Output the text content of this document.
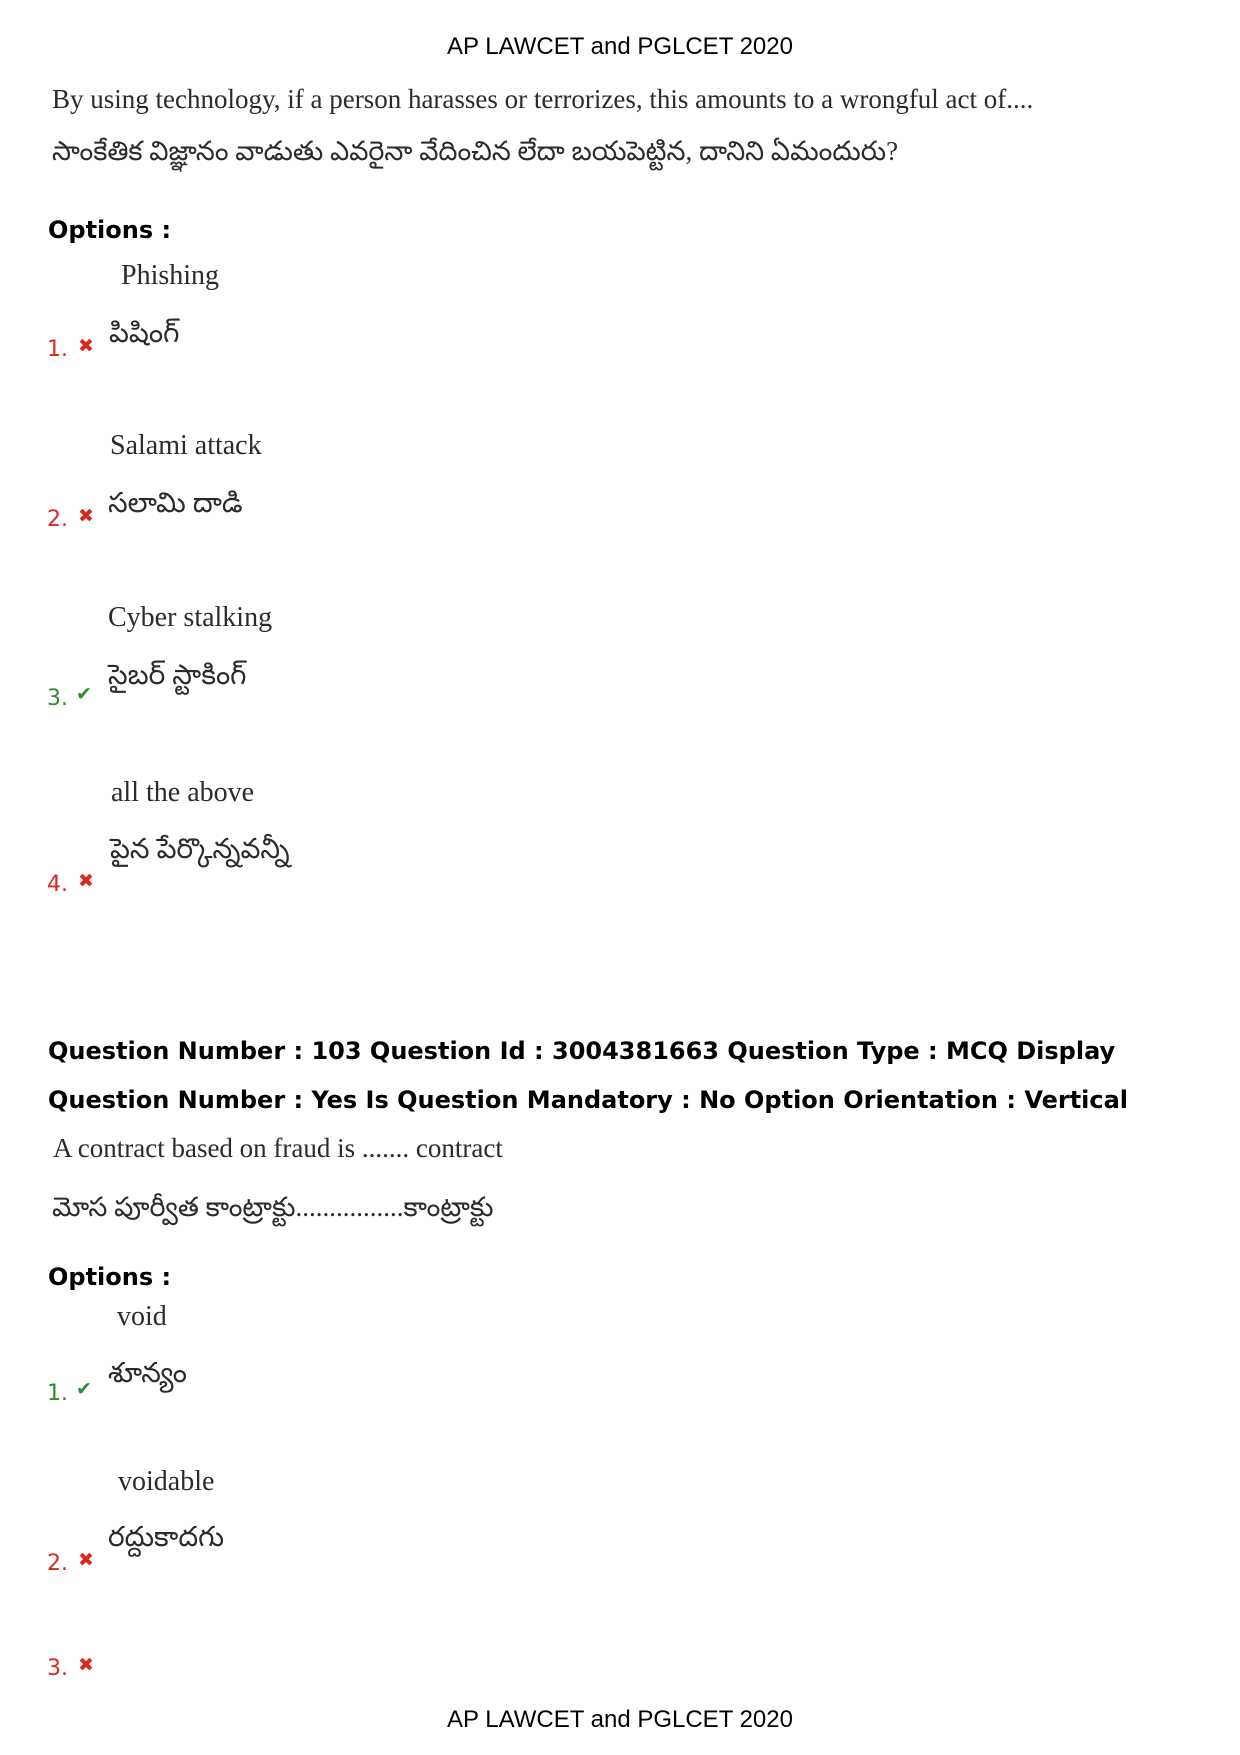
AP LAWCET and PGLCET 2020
By using technology, if a person harasses or terrorizes, this amounts to a wrongful act of....
సాంకేతిక విజ్ఞానం వాడుతు ఎవరైనా వేదించిన లేదా బయపెట్టిన, దానిని ఏమందురు?
Options :
Phishing
పిషింగ్
1. ✖
Salami attack
సలామి దాడి
2. ✖
Cyber stalking
సైబర్ స్టాకింగ్
3. ✔
all the above
పైన పేర్కొన్నవన్నీ
4. ✖
Question Number : 103 Question Id : 3004381663 Question Type : MCQ Display Question Number : Yes Is Question Mandatory : No Option Orientation : Vertical
A contract based on fraud is ....... contract
మోస పూర్వీత కాంట్రాక్టు................కాంట్రాక్టు
Options :
void
శూన్యం
1. ✔
voidable
రద్దుకాదగు
2. ✖
3. ✖
AP LAWCET and PGLCET 2020
